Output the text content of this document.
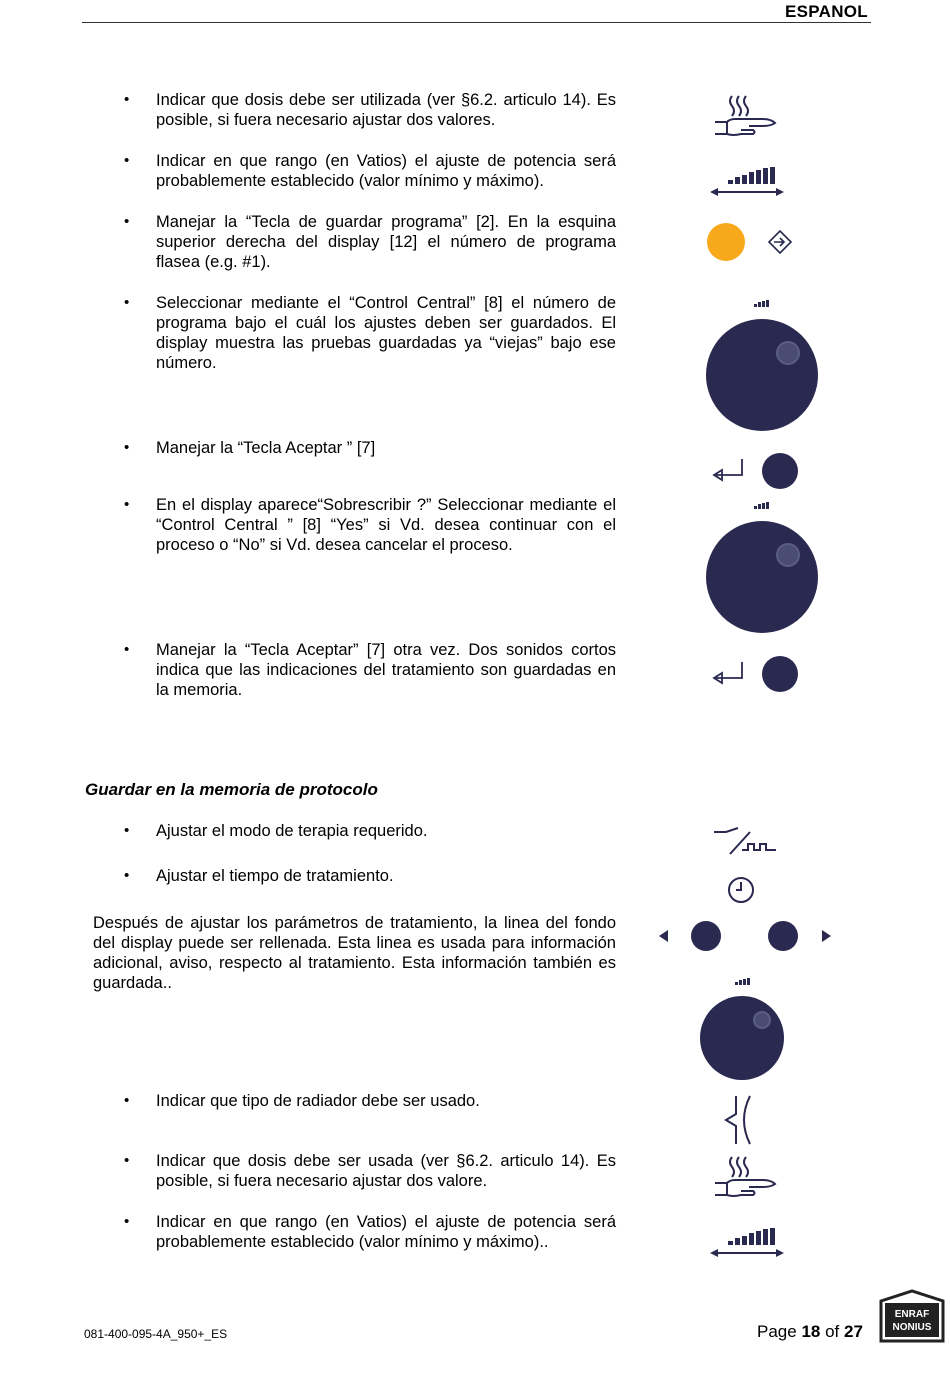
ESPANOL
• Indicar que dosis debe ser utilizada (ver §6.2. articulo 14). Es posible, si fuera necesario ajustar dos valores.
• Indicar en que rango (en Vatios) el ajuste de potencia será probablemente establecido (valor mínimo y máximo).
• Manejar la “Tecla de guardar programa” [2]. En la esquina superior derecha del display [12] el número de programa flasea (e.g. #1).
• Seleccionar mediante el “Control Central” [8] el número de programa bajo el cuál los ajustes deben ser guardados. El display muestra las pruebas guardadas ya “viejas” bajo ese número.
• Manejar la “Tecla Aceptar ” [7]
• En el display aparece“Sobrescribir ?” Seleccionar mediante el “Control Central ” [8] “Yes” si Vd. desea continuar con el proceso o “No” si Vd. desea cancelar el proceso.
• Manejar la “Tecla Aceptar” [7] otra vez. Dos sonidos cortos indica que las indicaciones del tratamiento son guardadas en la memoria.
Guardar en la memoria de protocolo
• Ajustar el modo de terapia requerido.
• Ajustar el tiempo de tratamiento.
Después de ajustar los parámetros de tratamiento, la linea del fondo del display puede ser rellenada. Esta linea es usada para información adicional, aviso, respecto al tratamiento. Esta información también es guardada..
• Indicar que tipo de radiador debe ser usado.
• Indicar que dosis debe ser usada (ver §6.2. articulo 14). Es posible, si fuera necesario ajustar dos valore.
• Indicar en que rango (en Vatios) el ajuste de potencia será probablemente establecido (valor mínimo y máximo)..
081-400-095-4A_950+_ES	Page 18 of 27
ENRAF
NONIUS
